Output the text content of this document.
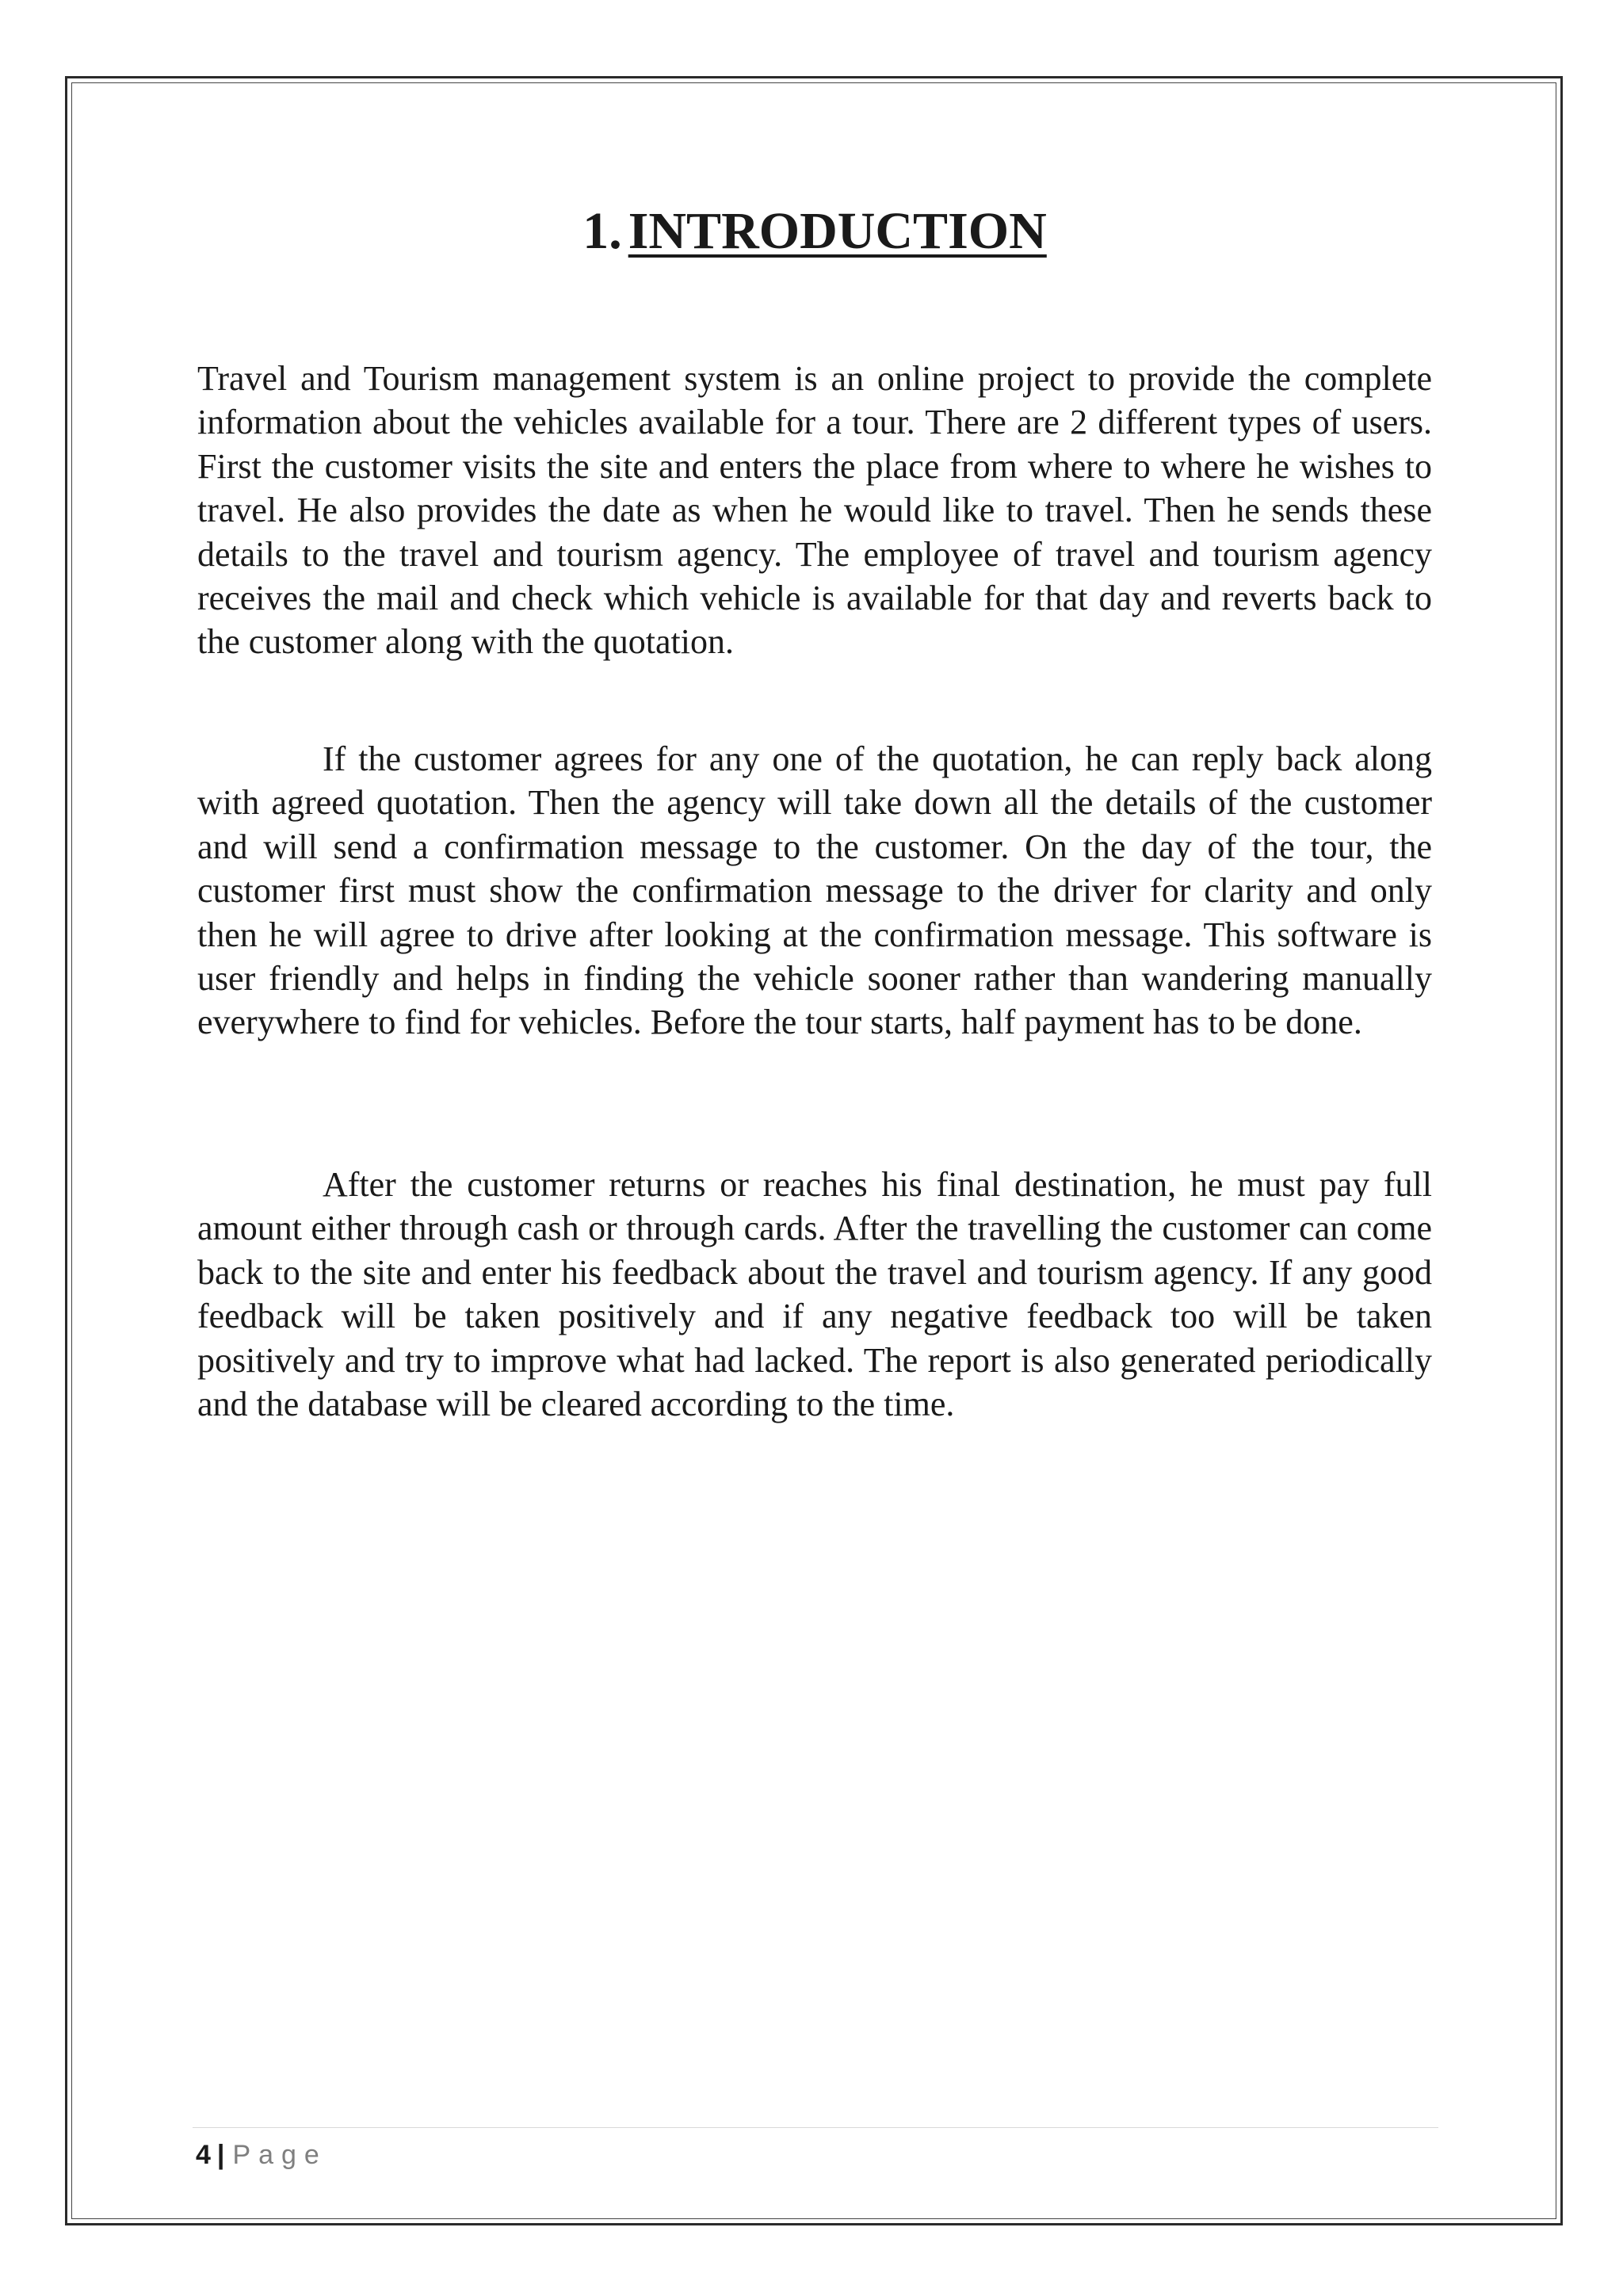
1. INTRODUCTION

Travel and Tourism management system is an online project to provide the complete information about the vehicles available for a tour. There are 2 different types of users. First the customer visits the site and enters the place from where to where he wishes to travel. He also provides the date as when he would like to travel. Then he sends these details to the travel and tourism agency. The employee of travel and tourism agency receives the mail and check which vehicle is available for that day and reverts back to the customer along with the quotation.

If the customer agrees for any one of the quotation, he can reply back along with agreed quotation. Then the agency will take down all the details of the customer and will send a confirmation message to the customer. On the day of the tour, the customer first must show the confirmation message to the driver for clarity and only then he will agree to drive after looking at the confirmation message. This software is user friendly and helps in finding the vehicle sooner rather than wandering manually everywhere to find for vehicles. Before the tour starts, half payment has to be done.

After the customer returns or reaches his final destination, he must pay full amount either through cash or through cards. After the travelling the customer can come back to the site and enter his feedback about the travel and tourism agency. If any good feedback will be taken positively and if any negative feedback too will be taken positively and try to improve what had lacked. The report is also generated periodically and the database will be cleared according to the time.

4 | Page
